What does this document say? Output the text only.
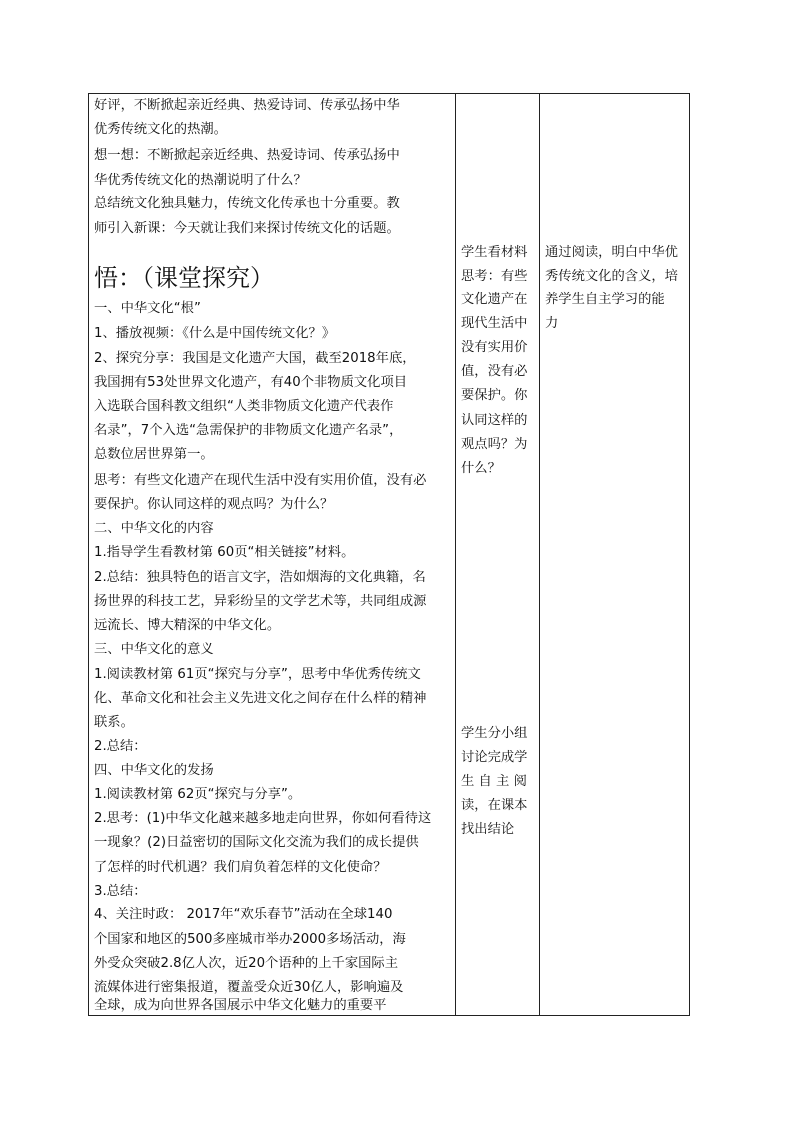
好评，不断掀起亲近经典、热爱诗词、传承弘扬中华
优秀传统文化的热潮。
想一想：不断掀起亲近经典、热爱诗词、传承弘扬中
华优秀传统文化的热潮说明了什么？
总结统文化独具魅力，传统文化传承也十分重要。教
师引入新课：今天就让我们来探讨传统文化的话题。
悟：（课堂探究）
一、中华文化“根”
1、播放视频：《什么是中国传统文化？》
2、探究分享：我国是文化遗产大国，截至2018年底，
我国拥有53处世界文化遗产，有40个非物质文化项目
入选联合国科教文组织“人类非物质文化遗产代表作
名录”，7个入选“急需保护的非物质文化遗产名录”，
总数位居世界第一。
思考：有些文化遗产在现代生活中没有实用价值，没有必
要保护。你认同这样的观点吗？为什么？
二、中华文化的内容
1.指导学生看教材第 60页“相关链接”材料。
2.总结：独具特色的语言文字，浩如烟海的文化典籍，名
扬世界的科技工艺，异彩纷呈的文学艺术等，共同组成源
远流长、博大精深的中华文化。
三、中华文化的意义
1.阅读教材第 61页“探究与分享”，思考中华优秀传统文
化、革命文化和社会主义先进文化之间存在什么样的精神
联系。
2.总结：
四、中华文化的发扬
1.阅读教材第 62页“探究与分享”。
2.思考：(1)中华文化越来越多地走向世界，你如何看待这
一现象？(2)日益密切的国际文化交流为我们的成长提供
了怎样的时代机遇？我们肩负着怎样的文化使命？
3.总结：
4、关注时政： 2017年“欢乐春节”活动在全球140
个国家和地区的500多座城市举办2000多场活动，海
外受众突破2.8亿人次，近20个语种的上千家国际主
流媒体进行密集报道，覆盖受众近30亿人，影响遍及
全球，成为向世界各国展示中华文化魅力的重要平
学生看材料
思考：有些
文化遗产在
现代生活中
没有实用价
值，没有必
要保护。你
认同这样的
观点吗？为
什么？
学生分小组
讨论完成学
生 自 主 阅
读，在课本
找出结论
通过阅读，明白中华优
秀传统文化的含义，培
养学生自主学习的能
力
